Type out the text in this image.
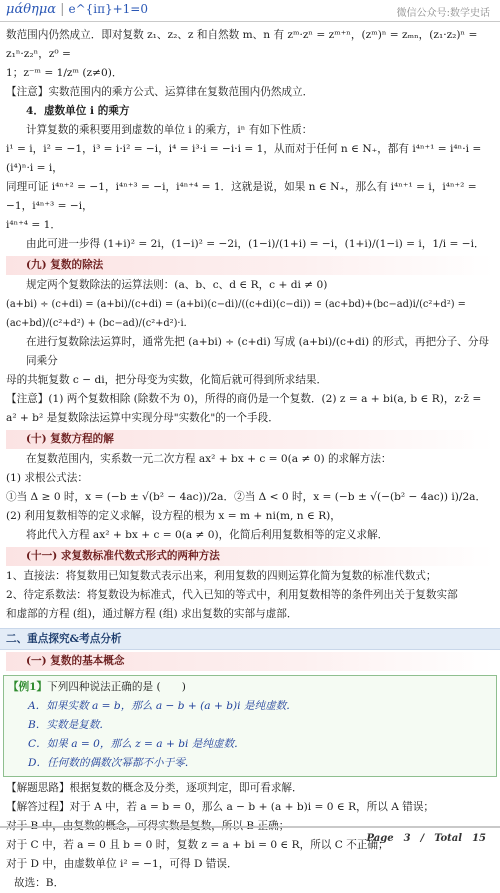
μάθημα | e^{iπ}+1=0	微信公众号:数学史话

数范围内仍然成立．即对复数 z₁、z₂、z 和自然数 m、n 有 zᵐ·zⁿ = zᵐ⁺ⁿ，(zᵐ)ⁿ = zₘₙ，(z₁·z₂)ⁿ = z₁ⁿ·z₂ⁿ，z⁰ =

1；z⁻ᵐ = 1/zᵐ (z≠0)．

【注意】实数范围内的乘方公式、运算律在复数范围内仍然成立．

4．虚数单位 i 的乘方

计算复数的乘积要用到虚数的单位 i 的乘方，iⁿ 有如下性质：

i¹ = i，i² = −1，i³ = i·i² = −i，i⁴ = i³·i = −i·i = 1，从而对于任何 n ∈ N₊，都有 i⁴ⁿ⁺¹ = i⁴ⁿ·i = (i⁴)ⁿ·i = i，

同理可证 i⁴ⁿ⁺² = −1，i⁴ⁿ⁺³ = −i，i⁴ⁿ⁺⁴ = 1．这就是说，如果 n ∈ N₊，那么有 i⁴ⁿ⁺¹ = i，i⁴ⁿ⁺² = −1，i⁴ⁿ⁺³ = −i，

i⁴ⁿ⁺⁴ = 1．

由此可进一步得 (1+i)² = 2i，(1−i)² = −2i，(1−i)/(1+i) = −i，(1+i)/(1−i) = i，1/i = −i．

(九) 复数的除法

规定两个复数除法的运算法则：(a、b、c、d ∈ R，c + di ≠ 0)

(a+bi) ÷ (c+di) = (a+bi)/(c+di) = (a+bi)(c−di)/((c+di)(c−di)) = (ac+bd)+(bc−ad)i/(c²+d²) = (ac+bd)/(c²+d²) + (bc−ad)/(c²+d²)·i．

在进行复数除法运算时，通常先把 (a+bi) ÷ (c+di) 写成 (a+bi)/(c+di) 的形式，再把分子、分母同乘分

母的共轭复数 c − di，把分母变为实数，化简后就可得到所求结果．

【注意】(1) 两个复数相除 (除数不为 0)，所得的商仍是一个复数．(2) z = a + bi(a, b ∈ R)，z·z̄ =

a² + b² 是复数除法运算中实现分母"实数化"的一个手段．

(十) 复数方程的解

在复数范围内，实系数一元二次方程 ax² + bx + c = 0(a ≠ 0) 的求解方法：

(1) 求根公式法：

①当 Δ ≥ 0 时，x = (−b ± √(b² − 4ac))/2a．②当 Δ < 0 时，x = (−b ± √(−(b² − 4ac)) i)/2a．

(2) 利用复数相等的定义求解，设方程的根为 x = m + ni(m, n ∈ R)，

将此代入方程 ax² + bx + c = 0(a ≠ 0)，化简后利用复数相等的定义求解．

(十一) 求复数标准代数式形式的两种方法

1、直接法：将复数用已知复数式表示出来，利用复数的四则运算化简为复数的标准代数式；

2、待定系数法：将复数设为标准式，代入已知的等式中，利用复数相等的条件列出关于复数实部

和虚部的方程 (组)，通过解方程 (组) 求出复数的实部与虚部．

二、重点探究&考点分析
(一) 复数的基本概念

【例1】下列四种说法正确的是 (　　)

A．如果实数 a = b，那么 a − b + (a + b)i 是纯虚数．

B．实数是复数．

C．如果 a = 0，那么 z = a + bi 是纯虚数．

D．任何数的偶数次幂都不小于零．

【解题思路】根据复数的概念及分类，逐项判定，即可看求解．

【解答过程】对于 A 中，若 a = b = 0，那么 a − b + (a + b)i = 0 ∈ R，所以 A 错误；

对于 C 中，若 a = 0 且 b = 0 时，复数 z = a + bi = 0 ∈ R，所以 C 不正确；

对于 D 中，由虚数单位 i² = −1，可得 D 错误．

故选：B．

Page　3　/　Total　15
